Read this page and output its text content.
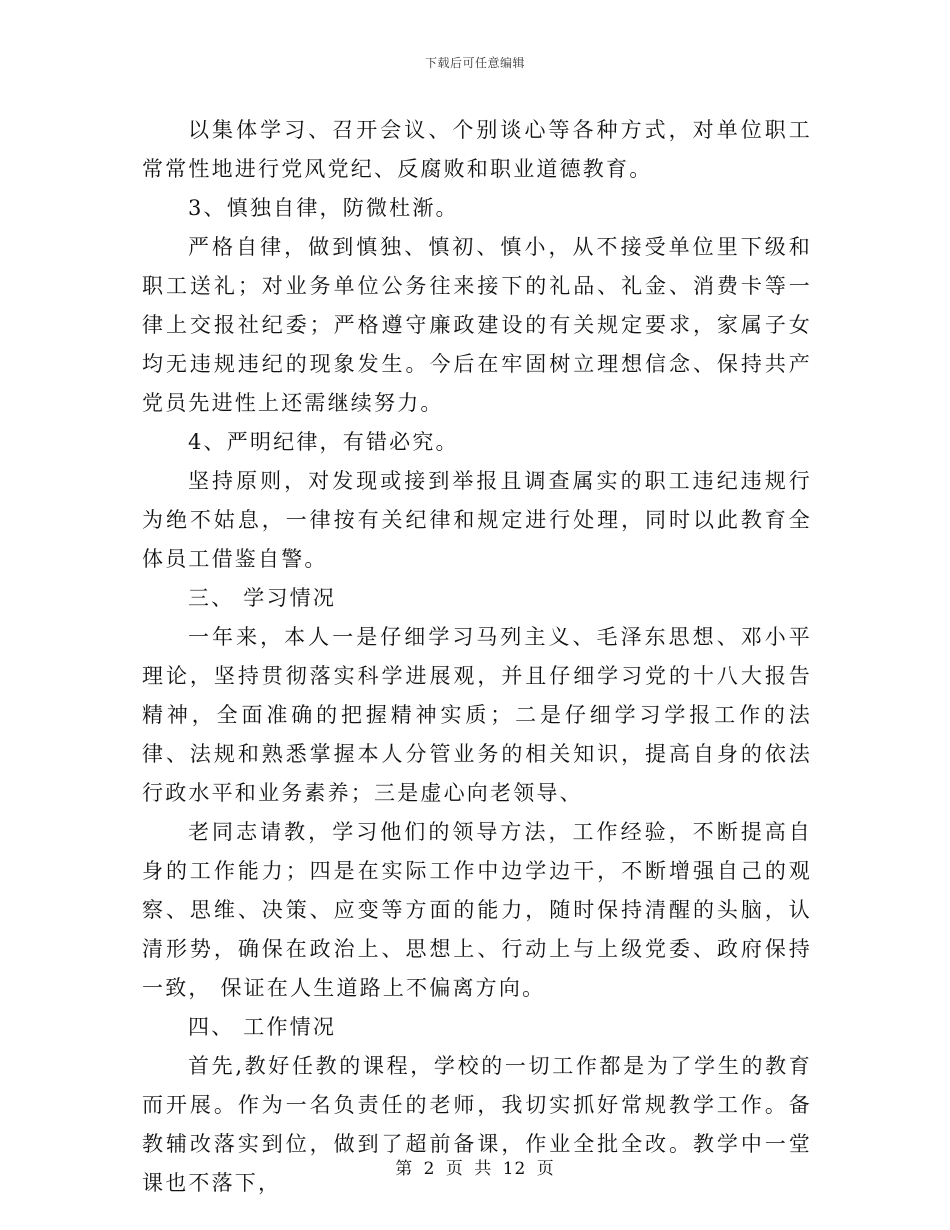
下载后可任意编辑

以集体学习、召开会议、个别谈心等各种方式，对单位职工常常性地进行党风党纪、反腐败和职业道德教育。

3、慎独自律，防微杜渐。

严格自律，做到慎独、慎初、慎小，从不接受单位里下级和职工送礼；对业务单位公务往来接下的礼品、礼金、消费卡等一律上交报社纪委；严格遵守廉政建设的有关规定要求，家属子女均无违规违纪的现象发生。今后在牢固树立理想信念、保持共产党员先进性上还需继续努力。

4、严明纪律，有错必究。

坚持原则，对发现或接到举报且调查属实的职工违纪违规行为绝不姑息，一律按有关纪律和规定进行处理，同时以此教育全体员工借鉴自警。

三、 学习情况

一年来，本人一是仔细学习马列主义、毛泽东思想、邓小平理论，坚持贯彻落实科学进展观，并且仔细学习党的十八大报告精神，全面准确的把握精神实质；二是仔细学习学报工作的法律、法规和熟悉掌握本人分管业务的相关知识，提高自身的依法行政水平和业务素养；三是虚心向老领导、

老同志请教，学习他们的领导方法，工作经验，不断提高自身的工作能力；四是在实际工作中边学边干，不断增强自己的观察、思维、决策、应变等方面的能力，随时保持清醒的头脑，认清形势，确保在政治上、思想上、行动上与上级党委、政府保持一致， 保证在人生道路上不偏离方向。

四、 工作情况

首先,教好任教的课程，学校的一切工作都是为了学生的教育而开展。作为一名负责任的老师，我切实抓好常规教学工作。备教辅改落实到位，做到了超前备课，作业全批全改。教学中一堂课也不落下，

第 2 页 共 12 页
